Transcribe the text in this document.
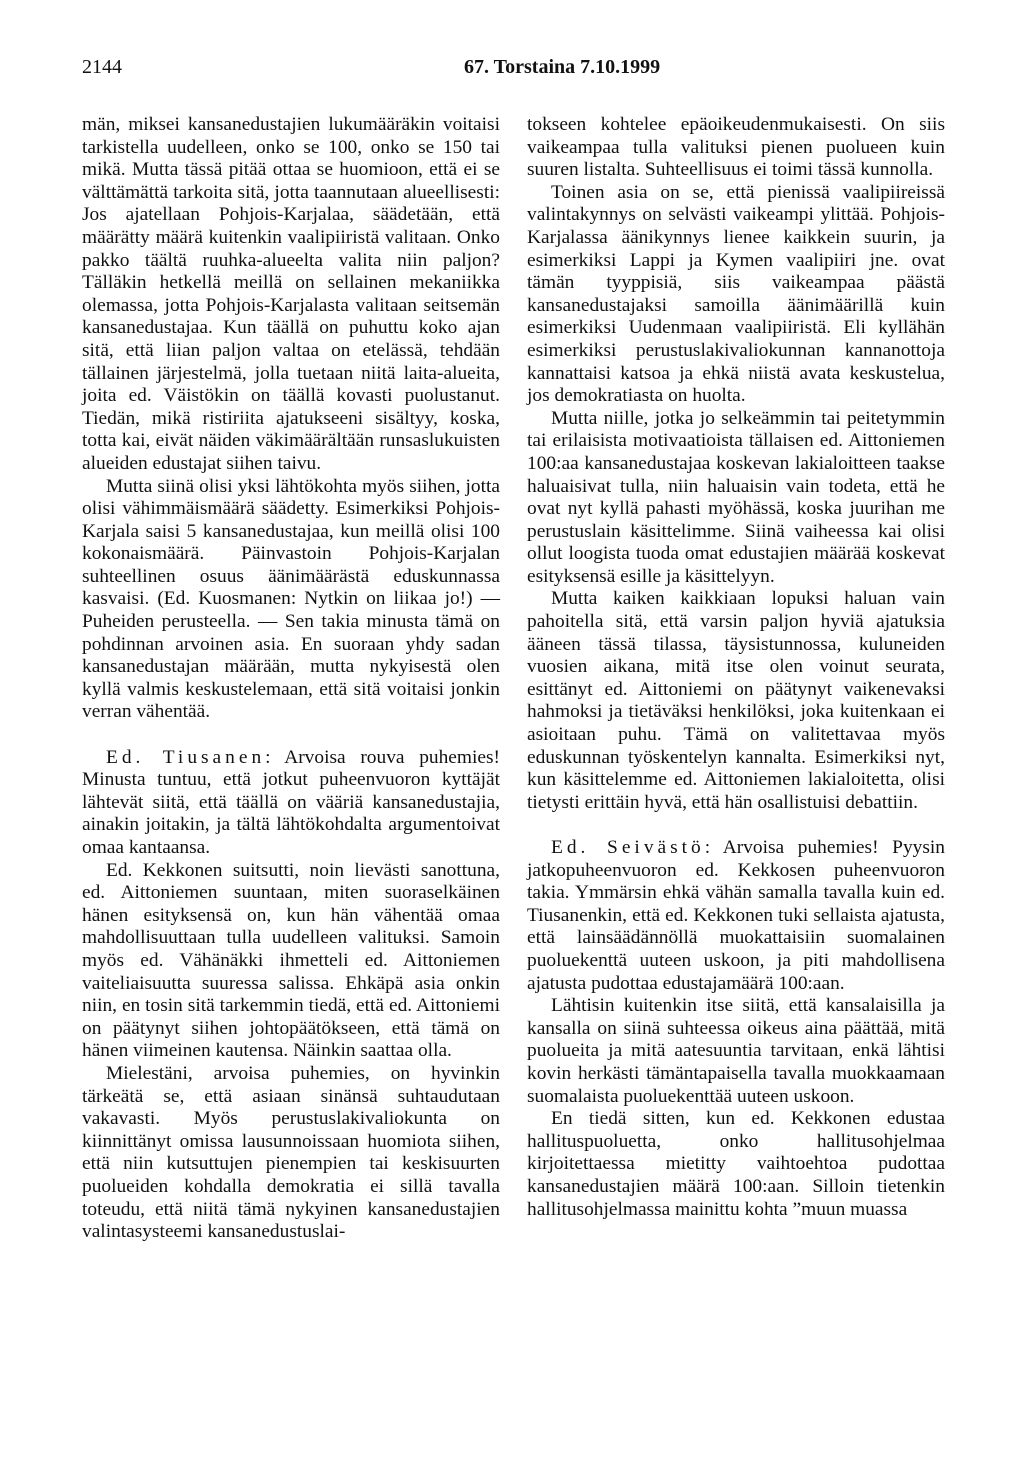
2144	67. Torstaina 7.10.1999

män, miksei kansanedustajien lukumääräkin voitaisi tarkistella uudelleen, onko se 100, onko se 150 tai mikä. Mutta tässä pitää ottaa se huomioon, että ei se välttämättä tarkoita sitä, jotta taannutaan alueellisesti: Jos ajatellaan Pohjois-Karjalaa, säädetään, että määrätty määrä kuitenkin vaalipiiristä valitaan. Onko pakko täältä ruuhka-alueelta valita niin paljon? Tälläkin hetkellä meillä on sellainen mekaniikka olemassa, jotta Pohjois-Karjalasta valitaan seitsemän kansanedustajaa. Kun täällä on puhuttu koko ajan sitä, että liian paljon valtaa on etelässä, tehdään tällainen järjestelmä, jolla tuetaan niitä laita-alueita, joita ed. Väistökin on täällä kovasti puolustanut. Tiedän, mikä ristiriita ajatukseeni sisältyy, koska, totta kai, eivät näiden väkimäärältään runsaslukuisten alueiden edustajat siihen taivu.

Mutta siinä olisi yksi lähtökohta myös siihen, jotta olisi vähimmäismäärä säädetty. Esimerkiksi Pohjois-Karjala saisi 5 kansanedustajaa, kun meillä olisi 100 kokonaismäärä. Päinvastoin Pohjois-Karjalan suhteellinen osuus äänimäärästä eduskunnassa kasvaisi. (Ed. Kuosmanen: Nytkin on liikaa jo!) — Puheiden perusteella. — Sen takia minusta tämä on pohdinnan arvoinen asia. En suoraan yhdy sadan kansanedustajan määrään, mutta nykyisestä olen kyllä valmis keskustelemaan, että sitä voitaisi jonkin verran vähentää.

Ed. Tiusanen: Arvoisa rouva puhemies! Minusta tuntuu, että jotkut puheenvuoron kyttäjät lähtevät siitä, että täällä on vääriä kansanedustajia, ainakin joitakin, ja tältä lähtökohdalta argumentoivat omaa kantaansa.

Ed. Kekkonen suitsutti, noin lievästi sanottuna, ed. Aittoniemen suuntaan, miten suoraselkäinen hänen esityksensä on, kun hän vähentää omaa mahdollisuuttaan tulla uudelleen valituksi. Samoin myös ed. Vähänäkki ihmetteli ed. Aittoniemen vaiteliaisuutta suuressa salissa. Ehkäpä asia onkin niin, en tosin sitä tarkemmin tiedä, että ed. Aittoniemi on päätynyt siihen johtopäätökseen, että tämä on hänen viimeinen kautensa. Näinkin saattaa olla.

Mielestäni, arvoisa puhemies, on hyvinkin tärkeätä se, että asiaan sinänsä suhtaudutaan vakavasti. Myös perustuslakivaliokunta on kiinnittänyt omissa lausunnoissaan huomiota siihen, että niin kutsuttujen pienempien tai keskisuurten puolueiden kohdalla demokratia ei sillä tavalla toteudu, että niitä tämä nykyinen kansanedustajien valintasysteemi kansanedustuslai-

tokseen kohtelee epäoikeudenmukaisesti. On siis vaikeampaa tulla valituksi pienen puolueen kuin suuren listalta. Suhteellisuus ei toimi tässä kunnolla.

Toinen asia on se, että pienissä vaalipiireissä valintakynnys on selvästi vaikeampi ylittää. Pohjois-Karjalassa äänikynnys lienee kaikkein suurin, ja esimerkiksi Lappi ja Kymen vaalipiiri jne. ovat tämän tyyppisiä, siis vaikeampaa päästä kansanedustajaksi samoilla äänimäärillä kuin esimerkiksi Uudenmaan vaalipiiristä. Eli kyllähän esimerkiksi perustuslakivaliokunnan kannanottoja kannattaisi katsoa ja ehkä niistä avata keskustelua, jos demokratiasta on huolta.

Mutta niille, jotka jo selkeämmin tai peitetymmin tai erilaisista motivaatioista tällaisen ed. Aittoniemen 100:aa kansanedustajaa koskevan lakialoitteen taakse haluaisivat tulla, niin haluaisin vain todeta, että he ovat nyt kyllä pahasti myöhässä, koska juurihan me perustuslain käsittelimme. Siinä vaiheessa kai olisi ollut loogista tuoda omat edustajien määrää koskevat esityksensä esille ja käsittelyyn.

Mutta kaiken kaikkiaan lopuksi haluan vain pahoitella sitä, että varsin paljon hyviä ajatuksia ääneen tässä tilassa, täysistunnossa, kuluneiden vuosien aikana, mitä itse olen voinut seurata, esittänyt ed. Aittoniemi on päätynyt vaikenevaksi hahmoksi ja tietäväksi henkilöksi, joka kuitenkaan ei asioitaan puhu. Tämä on valitettavaa myös eduskunnan työskentelyn kannalta. Esimerkiksi nyt, kun käsittelemme ed. Aittoniemen lakialoitetta, olisi tietysti erittäin hyvä, että hän osallistuisi debattiin.

Ed. Seivästö: Arvoisa puhemies! Pyysin jatkopuheenvuoron ed. Kekkosen puheenvuoron takia. Ymmärsin ehkä vähän samalla tavalla kuin ed. Tiusanenkin, että ed. Kekkonen tuki sellaista ajatusta, että lainsäädännöllä muokattaisiin suomalainen puoluekenttä uuteen uskoon, ja piti mahdollisena ajatusta pudottaa edustajamäärä 100:aan.

Lähtisin kuitenkin itse siitä, että kansalaisilla ja kansalla on siinä suhteessa oikeus aina päättää, mitä puolueita ja mitä aatesuuntia tarvitaan, enkä lähtisi kovin herkästi tämäntapaisella tavalla muokkaamaan suomalaista puoluekenttää uuteen uskoon.

En tiedä sitten, kun ed. Kekkonen edustaa hallituspuoluetta, onko hallitusohjelmaa kirjoitettaessa mietitty vaihtoehtoa pudottaa kansanedustajien määrä 100:aan. Silloin tietenkin hallitusohjelmassa mainittu kohta ”muun muassa
